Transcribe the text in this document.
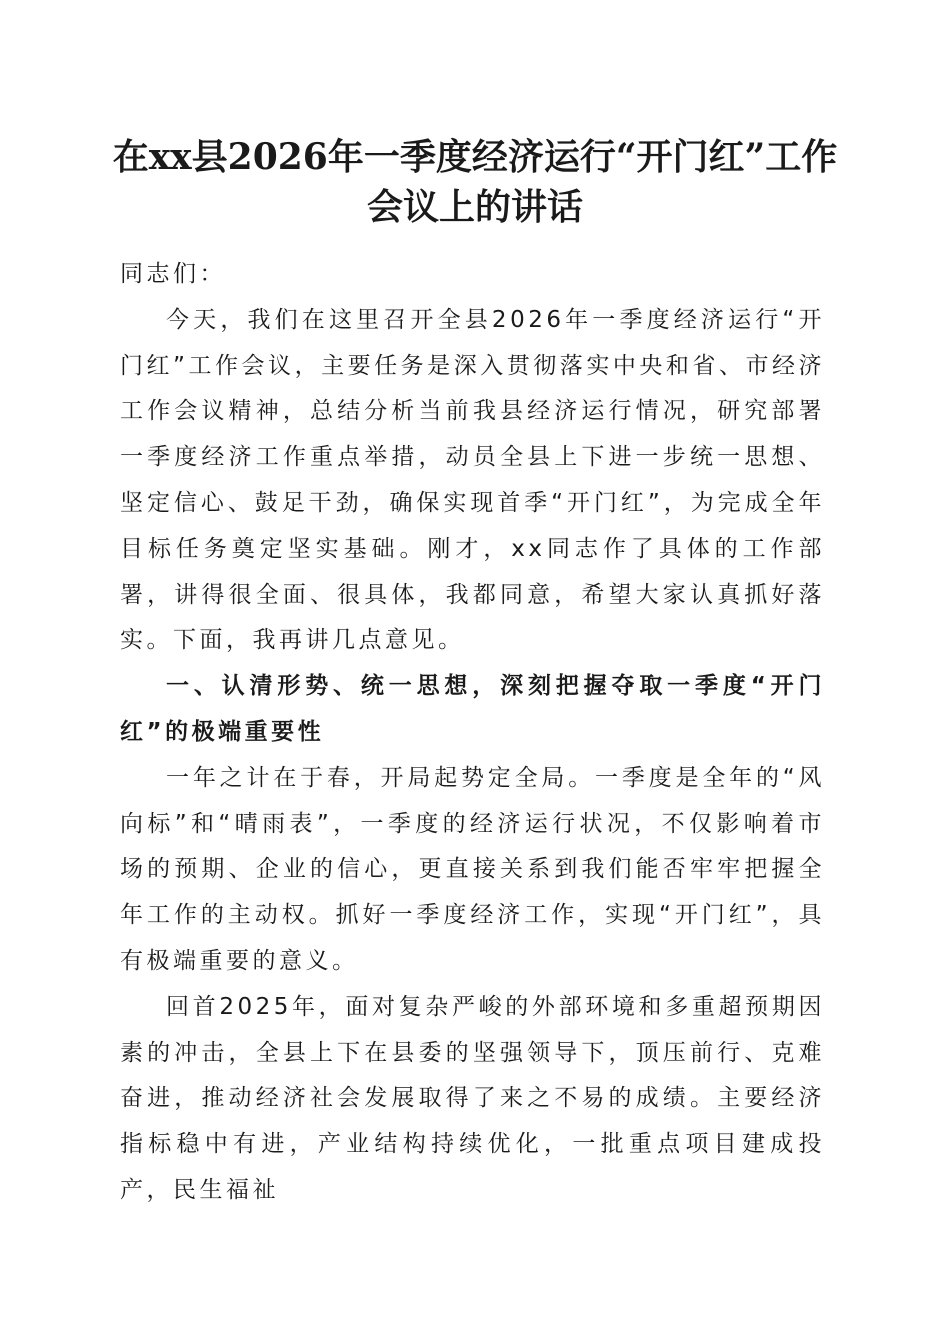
在xx县2026年一季度经济运行“开门红”工作会议上的讲话

同志们：

今天，我们在这里召开全县2026年一季度经济运行“开门红”工作会议，主要任务是深入贯彻落实中央和省、市经济工作会议精神，总结分析当前我县经济运行情况，研究部署一季度经济工作重点举措，动员全县上下进一步统一思想、坚定信心、鼓足干劲，确保实现首季“开门红”，为完成全年目标任务奠定坚实基础。刚才，xx同志作了具体的工作部署，讲得很全面、很具体，我都同意，希望大家认真抓好落实。下面，我再讲几点意见。

一、认清形势、统一思想，深刻把握夺取一季度“开门红”的极端重要性

一年之计在于春，开局起势定全局。一季度是全年的“风向标”和“晴雨表”，一季度的经济运行状况，不仅影响着市场的预期、企业的信心，更直接关系到我们能否牢牢把握全年工作的主动权。抓好一季度经济工作，实现“开门红”，具有极端重要的意义。

回首2025年，面对复杂严峻的外部环境和多重超预期因素的冲击，全县上下在县委的坚强领导下，顶压前行、克难奋进，推动经济社会发展取得了来之不易的成绩。主要经济指标稳中有进，产业结构持续优化，一批重点项目建成投产，民生福祉
